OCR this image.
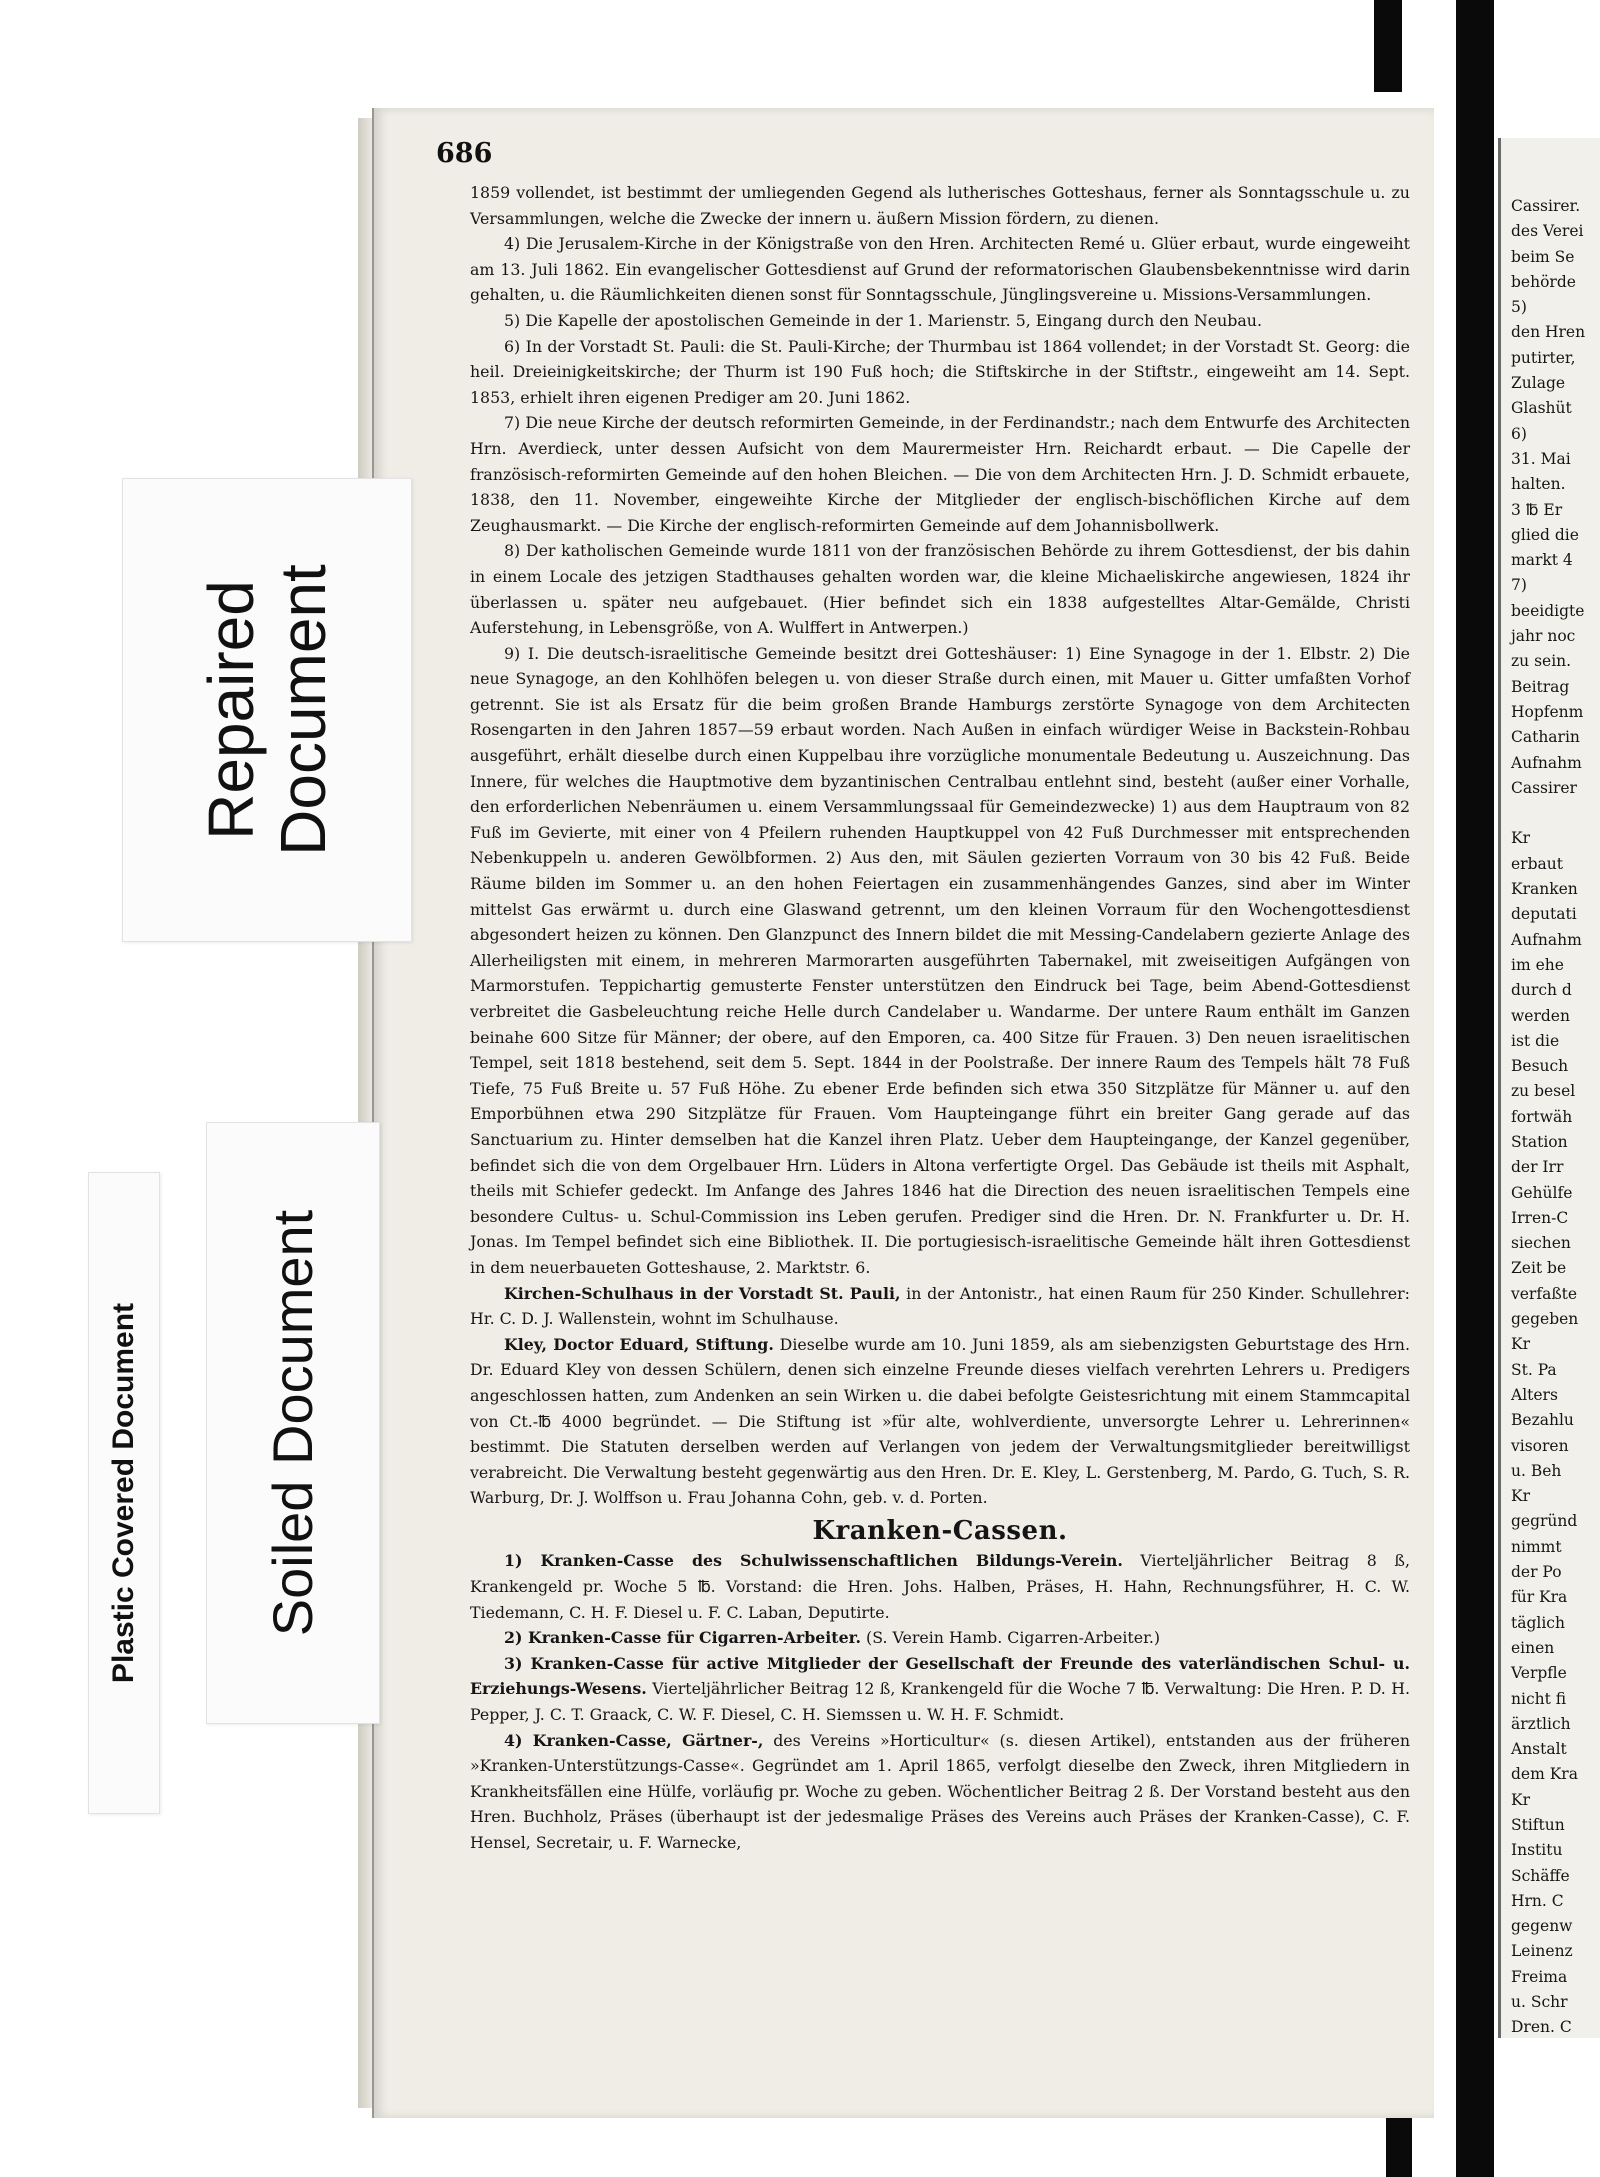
686

1859 vollendet, ist bestimmt der umliegenden Gegend als lutherisches Gotteshaus, ferner als Sonntagsschule u. zu Versammlungen, welche die Zwecke der innern u. äußern Mission fördern, zu dienen.

4) Die Jerusalem-Kirche in der Königstraße von den Hren. Architecten Remé u. Glüer erbaut, wurde eingeweiht am 13. Juli 1862. Ein evangelischer Gottesdienst auf Grund der reformatorischen Glaubensbekenntnisse wird darin gehalten, u. die Räumlichkeiten dienen sonst für Sonntagsschule, Jünglingsvereine u. Missions-Versammlungen.

5) Die Kapelle der apostolischen Gemeinde in der 1. Marienstr. 5, Eingang durch den Neubau.

6) In der Vorstadt St. Pauli: die St. Pauli-Kirche; der Thurmbau ist 1864 vollendet; in der Vorstadt St. Georg: die heil. Dreieinigkeitskirche; der Thurm ist 190 Fuß hoch; die Stiftskirche in der Stiftstr., eingeweiht am 14. Sept. 1853, erhielt ihren eigenen Prediger am 20. Juni 1862.

7) Die neue Kirche der deutsch reformirten Gemeinde, in der Ferdinandstr.; nach dem Entwurfe des Architecten Hrn. Averdieck, unter dessen Aufsicht von dem Maurermeister Hrn. Reichardt erbaut. — Die Capelle der französisch-reformirten Gemeinde auf den hohen Bleichen. — Die von dem Architecten Hrn. J. D. Schmidt erbauete, 1838, den 11. November, eingeweihte Kirche der Mitglieder der englisch-bischöflichen Kirche auf dem Zeughausmarkt. — Die Kirche der englisch-reformirten Gemeinde auf dem Johannisbollwerk.

8) Der katholischen Gemeinde wurde 1811 von der französischen Behörde zu ihrem Gottesdienst, der bis dahin in einem Locale des jetzigen Stadthauses gehalten worden war, die kleine Michaeliskirche angewiesen, 1824 ihr überlassen u. später neu aufgebauet. (Hier befindet sich ein 1838 aufgestelltes Altar-Gemälde, Christi Auferstehung, in Lebensgröße, von A. Wulffert in Antwerpen.)

9) I. Die deutsch-israelitische Gemeinde besitzt drei Gotteshäuser: 1) Eine Synagoge in der 1. Elbstr. 2) Die neue Synagoge, an den Kohlhöfen belegen u. von dieser Straße durch einen, mit Mauer u. Gitter umfaßten Vorhof getrennt. Sie ist als Ersatz für die beim großen Brande Hamburgs zerstörte Synagoge von dem Architecten Rosengarten in den Jahren 1857—59 erbaut worden. Nach Außen in einfach würdiger Weise in Backstein-Rohbau ausgeführt, erhält dieselbe durch einen Kuppelbau ihre vorzügliche monumentale Bedeutung u. Auszeichnung. Das Innere, für welches die Hauptmotive dem byzantinischen Centralbau entlehnt sind, besteht (außer einer Vorhalle, den erforderlichen Nebenräumen u. einem Versammlungssaal für Gemeindezwecke) 1) aus dem Hauptraum von 82 Fuß im Gevierte, mit einer von 4 Pfeilern ruhenden Hauptkuppel von 42 Fuß Durchmesser mit entsprechenden Nebenkuppeln u. anderen Gewölbformen. 2) Aus den, mit Säulen gezierten Vorraum von 30 bis 42 Fuß. Beide Räume bilden im Sommer u. an den hohen Feiertagen ein zusammenhängendes Ganzes, sind aber im Winter mittelst Gas erwärmt u. durch eine Glaswand getrennt, um den kleinen Vorraum für den Wochengottesdienst abgesondert heizen zu können. Den Glanzpunct des Innern bildet die mit Messing-Candelabern gezierte Anlage des Allerheiligsten mit einem, in mehreren Marmorarten ausgeführten Tabernakel, mit zweiseitigen Aufgängen von Marmorstufen. Teppichartig gemusterte Fenster unterstützen den Eindruck bei Tage, beim Abend-Gottesdienst verbreitet die Gasbeleuchtung reiche Helle durch Candelaber u. Wandarme. Der untere Raum enthält im Ganzen beinahe 600 Sitze für Männer; der obere, auf den Emporen, ca. 400 Sitze für Frauen. 3) Den neuen israelitischen Tempel, seit 1818 bestehend, seit dem 5. Sept. 1844 in der Poolstraße. Der innere Raum des Tempels hält 78 Fuß Tiefe, 75 Fuß Breite u. 57 Fuß Höhe. Zu ebener Erde befinden sich etwa 350 Sitzplätze für Männer u. auf den Emporbühnen etwa 290 Sitzplätze für Frauen. Vom Haupteingange führt ein breiter Gang gerade auf das Sanctuarium zu. Hinter demselben hat die Kanzel ihren Platz. Ueber dem Haupteingange, der Kanzel gegenüber, befindet sich die von dem Orgelbauer Hrn. Lüders in Altona verfertigte Orgel. Das Gebäude ist theils mit Asphalt, theils mit Schiefer gedeckt. Im Anfange des Jahres 1846 hat die Direction des neuen israelitischen Tempels eine besondere Cultus- u. Schul-Commission ins Leben gerufen. Prediger sind die Hren. Dr. N. Frankfurter u. Dr. H. Jonas. Im Tempel befindet sich eine Bibliothek. II. Die portugiesisch-israelitische Gemeinde hält ihren Gottesdienst in dem neuerbaueten Gotteshause, 2. Marktstr. 6.

Kirchen-Schulhaus in der Vorstadt St. Pauli, in der Antonistr., hat einen Raum für 250 Kinder. Schullehrer: Hr. C. D. J. Wallenstein, wohnt im Schulhause.

Kley, Doctor Eduard, Stiftung. Dieselbe wurde am 10. Juni 1859, als am siebenzigsten Geburtstage des Hrn. Dr. Eduard Kley von dessen Schülern, denen sich einzelne Freunde dieses vielfach verehrten Lehrers u. Predigers angeschlossen hatten, zum Andenken an sein Wirken u. die dabei befolgte Geistesrichtung mit einem Stammcapital von Ct.-℔ 4000 begründet. — Die Stiftung ist »für alte, wohlverdiente, unversorgte Lehrer u. Lehrerinnen« bestimmt. Die Statuten derselben werden auf Verlangen von jedem der Verwaltungsmitglieder bereitwilligst verabreicht. Die Verwaltung besteht gegenwärtig aus den Hren. Dr. E. Kley, L. Gerstenberg, M. Pardo, G. Tuch, S. R. Warburg, Dr. J. Wolffson u. Frau Johanna Cohn, geb. v. d. Porten.

Kranken-Cassen.

1) Kranken-Casse des Schulwissenschaftlichen Bildungs-Verein. Vierteljährlicher Beitrag 8 ß, Krankengeld pr. Woche 5 ℔. Vorstand: die Hren. Johs. Halben, Präses, H. Hahn, Rechnungsführer, H. C. W. Tiedemann, C. H. F. Diesel u. F. C. Laban, Deputirte.

2) Kranken-Casse für Cigarren-Arbeiter. (S. Verein Hamb. Cigarren-Arbeiter.)

3) Kranken-Casse für active Mitglieder der Gesellschaft der Freunde des vaterländischen Schul- u. Erziehungs-Wesens. Vierteljährlicher Beitrag 12 ß, Krankengeld für die Woche 7 ℔. Verwaltung: Die Hren. P. D. H. Pepper, J. C. T. Graack, C. W. F. Diesel, C. H. Siemssen u. W. H. F. Schmidt.

4) Kranken-Casse, Gärtner-, des Vereins »Horticultur« (s. diesen Artikel), entstanden aus der früheren »Kranken-Unterstützungs-Casse«. Gegründet am 1. April 1865, verfolgt dieselbe den Zweck, ihren Mitgliedern in Krankheitsfällen eine Hülfe, vorläufig pr. Woche zu geben. Wöchentlicher Beitrag 2 ß. Der Vorstand besteht aus den Hren. Buchholz, Präses (überhaupt ist der jedesmalige Präses des Vereins auch Präses der Kranken-Casse), C. F. Hensel, Secretair, u. F. Warnecke,

Cassirer.
des Verei
beim Se
behörde
5)
den Hren
putirter,
Zulage
Glashüt
6)
31. Mai
halten.
3 ℔ Er
glied die
markt 4
7)
beeidigte
jahr noc
zu sein.
Beitrag
Hopfenm
Catharin
Aufnahm
Cassirer
Kr
erbaut
Kranken
deputati
Aufnahm
im ehe
durch d
werden
ist die
Besuch
zu besel
fortwäh
Station
der Irr
Gehülfe
Irren-C
siechen
Zeit be
verfaßte
gegeben
Kr
St. Pa
Alters
Bezahlu
visoren
u. Beh
Kr
gegründ
nimmt
der Po
für Kra
täglich
einen
Verpfle
nicht fi
ärztlich
Anstalt
dem Kra
Kr
Stiftun
Institu
Schäffe
Hrn. C
gegenw
Leinenz
Freima
u. Schr
Dren. C
Repaired Document
Soiled Document
Plastic Covered Document
